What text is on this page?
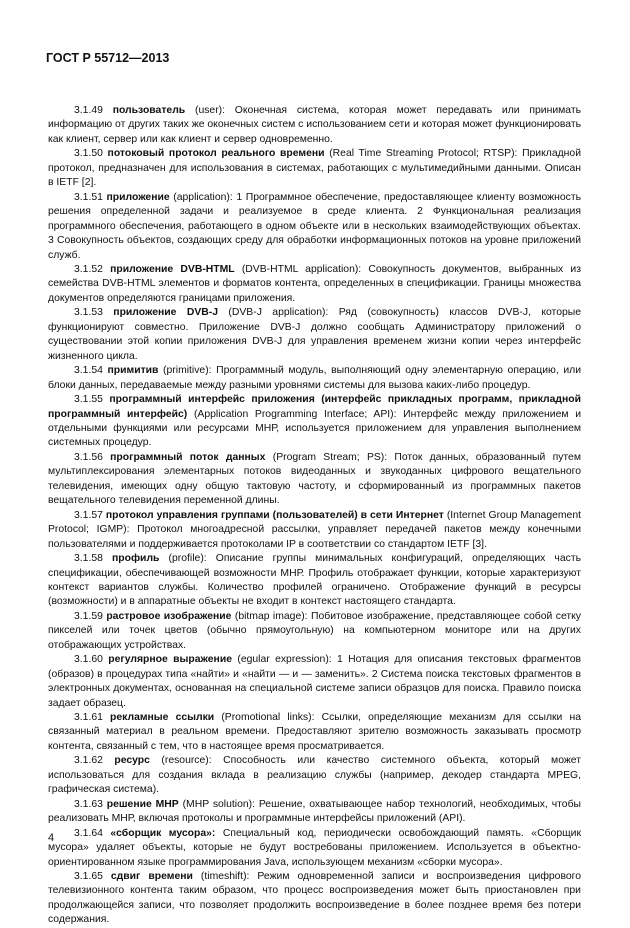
ГОСТ Р 55712—2013

3.1.49 пользователь (user): Оконечная система, которая может передавать или принимать информацию от других таких же оконечных систем с использованием сети и которая может функционировать как клиент, сервер или как клиент и сервер одновременно.

3.1.50 потоковый протокол реального времени (Real Time Streaming Protocol; RTSP): Прикладной протокол, предназначен для использования в системах, работающих с мультимедийными данными. Описан в IETF [2].

3.1.51 приложение (application): 1 Программное обеспечение, предоставляющее клиенту возможность решения определенной задачи и реализуемое в среде клиента. 2 Функциональная реализация программного обеспечения, работающего в одном объекте или в нескольких взаимодействующих объектах. 3 Совокупность объектов, создающих среду для обработки информационных потоков на уровне приложений служб.

3.1.52 приложение DVB-HTML (DVB-HTML application): Совокупность документов, выбранных из семейства DVB-HTML элементов и форматов контента, определенных в спецификации. Границы множества документов определяются границами приложения.

3.1.53 приложение DVB-J (DVB-J application): Ряд (совокупность) классов DVB-J, которые функционируют совместно. Приложение DVB-J должно сообщать Администратору приложений о существовании этой копии приложения DVB-J для управления временем жизни копии через интерфейс жизненного цикла.

3.1.54 примитив (primitive): Программный модуль, выполняющий одну элементарную операцию, или блоки данных, передаваемые между разными уровнями системы для вызова каких-либо процедур.

3.1.55 программный интерфейс приложения (интерфейс прикладных программ, прикладной программный интерфейс) (Application Programming Interface; API): Интерфейс между приложением и отдельными функциями или ресурсами МНР, используется приложением для управления выполнением системных процедур.

3.1.56 программный поток данных (Program Stream; PS): Поток данных, образованный путем мультиплексирования элементарных потоков видеоданных и звукоданных цифрового вещательного телевидения, имеющих одну общую тактовую частоту, и сформированный из программных пакетов вещательного телевидения переменной длины.

3.1.57 протокол управления группами (пользователей) в сети Интернет (Internet Group Management Protocol; IGMP): Протокол многоадресной рассылки, управляет передачей пакетов между конечными пользователями и поддерживается протоколами IP в соответствии со стандартом IETF [3].

3.1.58 профиль (profile): Описание группы минимальных конфигураций, определяющих часть спецификации, обеспечивающей возможности МНР. Профиль отображает функции, которые характеризуют контекст вариантов службы. Количество профилей ограничено. Отображение функций в ресурсы (возможности) и в аппаратные объекты не входит в контекст настоящего стандарта.

3.1.59 растровое изображение (bitmap image): Побитовое изображение, представляющее собой сетку пикселей или точек цветов (обычно прямоугольную) на компьютерном мониторе или на других отображающих устройствах.

3.1.60 регулярное выражение (egular expression): 1 Нотация для описания текстовых фрагментов (образов) в процедурах типа «найти» и «найти — и — заменить». 2 Система поиска текстовых фрагментов в электронных документах, основанная на специальной системе записи образцов для поиска. Правило поиска задает образец.

3.1.61 рекламные ссылки (Promotional links): Ссылки, определяющие механизм для ссылки на связанный материал в реальном времени. Предоставляют зрителю возможность заказывать просмотр контента, связанный с тем, что в настоящее время просматривается.

3.1.62 ресурс (resource): Способность или качество системного объекта, который может использоваться для создания вклада в реализацию службы (например, декодер стандарта MPEG, графическая система).

3.1.63 решение МНР (MHP solution): Решение, охватывающее набор технологий, необходимых, чтобы реализовать МНР, включая протоколы и программные интерфейсы приложений (API).

3.1.64 «сборщик мусора»: Специальный код, периодически освобождающий память. «Сборщик мусора» удаляет объекты, которые не будут востребованы приложением. Используется в объектно-ориентированном языке программирования Java, использующем механизм «сборки мусора».

3.1.65 сдвиг времени (timeshift): Режим одновременной записи и воспроизведения цифрового телевизионного контента таким образом, что процесс воспроизведения может быть приостановлен при продолжающейся записи, что позволяет продолжить воспроизведение в более позднее время без потери содержания.

4
